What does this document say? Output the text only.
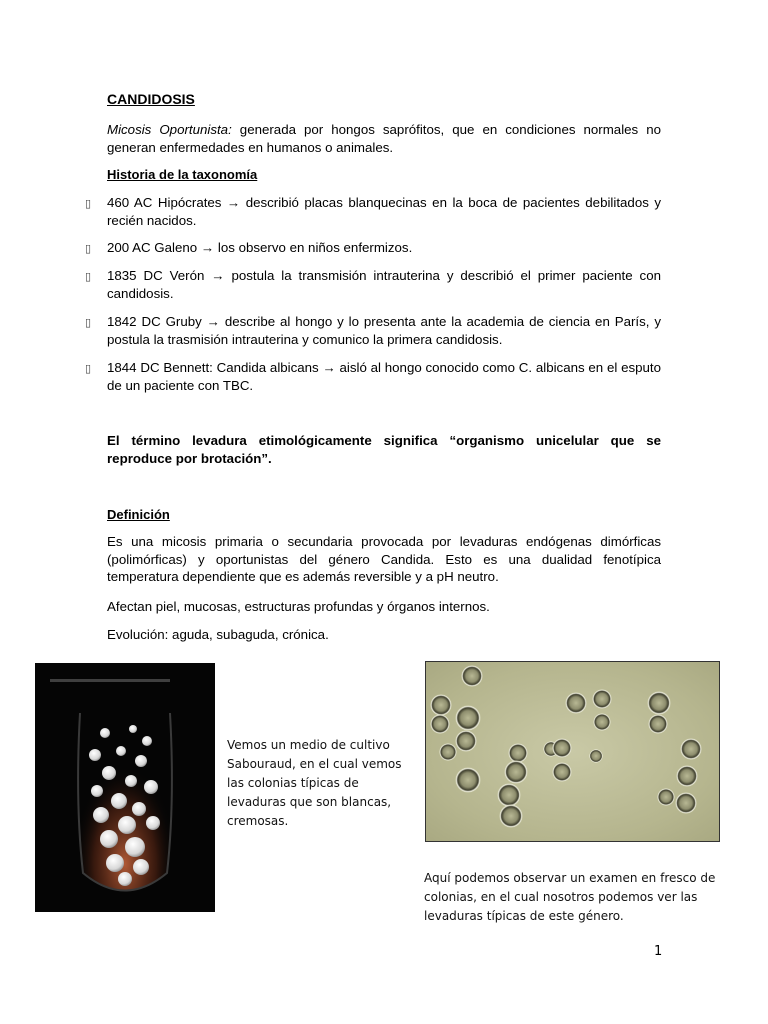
CANDIDOSIS
Micosis Oportunista: generada por hongos saprófitos, que en condiciones normales no generan enfermedades en humanos o animales.
Historia de la taxonomía
▯ 460 AC Hipócrates → describió placas blanquecinas en la boca de pacientes debilitados y recién nacidos.
▯ 200 AC Galeno → los observo en niños enfermizos.
▯ 1835 DC Verón → postula la transmisión intrauterina y describió el primer paciente con candidosis.
▯ 1842 DC Gruby → describe al hongo y lo presenta ante la academia de ciencia en París, y postula la trasmisión intrauterina y comunico la primera candidosis.
▯ 1844 DC Bennett: Candida albicans → aisló al hongo conocido como C. albicans en el esputo de un paciente con TBC.
El término levadura etimológicamente significa “organismo unicelular que se reproduce por brotación”.
Definición
Es una micosis primaria o secundaria provocada por levaduras endógenas dimórficas (polimórficas) y oportunistas del género Candida. Esto es una dualidad fenotípica temperatura dependiente que es además reversible y a pH neutro.
Afectan piel, mucosas, estructuras profundas y órganos internos.
Evolución: aguda, subaguda, crónica.
Vemos un medio de cultivo Sabouraud, en el cual vemos las colonias típicas de levaduras que son blancas, cremosas.
Aquí podemos observar un examen en fresco de colonias, en el cual nosotros podemos ver las levaduras típicas de este género.
1
